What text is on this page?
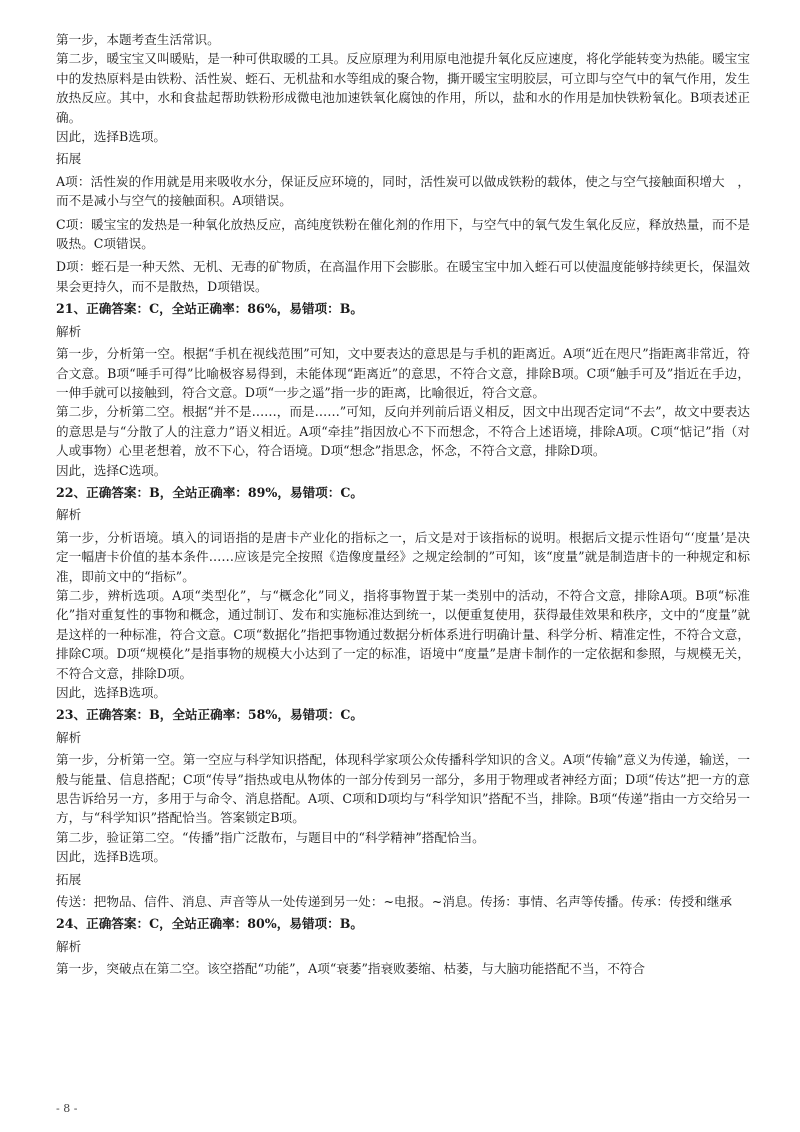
第一步，本题考查生活常识。

第二步，暖宝宝又叫暖贴，是一种可供取暖的工具。反应原理为利用原电池提升氧化反应速度，将化学能转变为热能。暖宝宝中的发热原料是由铁粉、活性炭、蛭石、无机盐和水等组成的聚合物，撕开暖宝宝明胶层，可立即与空气中的氧气作用，发生放热反应。其中，水和食盐起帮助铁粉形成微电池加速铁氧化腐蚀的作用，所以，盐和水的作用是加快铁粉氧化。B项表述正确。

因此，选择B选项。

拓展

A项：活性炭的作用就是用来吸收水分，保证反应环境的，同时，活性炭可以做成铁粉的载体，使之与空气接触面积增大　，而不是减小与空气的接触面积。A项错误。

C项：暖宝宝的发热是一种氧化放热反应，高纯度铁粉在催化剂的作用下，与空气中的氧气发生氧化反应，释放热量，而不是吸热。C项错误。

D项：蛭石是一种天然、无机、无毒的矿物质，在高温作用下会膨胀。在暖宝宝中加入蛭石可以使温度能够持续更长，保温效果会更持久，而不是散热，D项错误。

21、正确答案：C，全站正确率：86%，易错项：B。

解析

第一步，分析第一空。根据“手机在视线范围”可知，文中要表达的意思是与手机的距离近。A项“近在咫尺”指距离非常近，符合文意。B项“唾手可得”比喻极容易得到，未能体现“距离近”的意思，不符合文意，排除B项。C项“触手可及”指近在手边，一伸手就可以接触到，符合文意。D项“一步之遥”指一步的距离，比喻很近，符合文意。

第二步，分析第二空。根据“并不是……，而是……”可知，反向并列前后语义相反，因文中出现否定词“不去”，故文中要表达的意思是与“分散了人的注意力”语义相近。A项“牵挂”指因放心不下而想念，不符合上述语境，排除A项。C项“惦记”指（对人或事物）心里老想着，放不下心，符合语境。D项“想念”指思念，怀念，不符合文意，排除D项。

因此，选择C选项。

22、正确答案：B，全站正确率：89%，易错项：C。

解析

第一步，分析语境。填入的词语指的是唐卡产业化的指标之一，后文是对于该指标的说明。根据后文提示性语句“‘度量’是决定一幅唐卡价值的基本条件……应该是完全按照《造像度量经》之规定绘制的”可知，该“度量”就是制造唐卡的一种规定和标准，即前文中的“指标”。

第二步，辨析选项。A项“类型化”，与“概念化”同义，指将事物置于某一类别中的活动，不符合文意，排除A项。B项“标准化”指对重复性的事物和概念，通过制订、发布和实施标准达到统一，以便重复使用，获得最佳效果和秩序，文中的“度量”就是这样的一种标准，符合文意。C项“数据化”指把事物通过数据分析体系进行明确计量、科学分析、精准定性，不符合文意，排除C项。D项“规模化”是指事物的规模大小达到了一定的标准，语境中“度量”是唐卡制作的一定依据和参照，与规模无关，不符合文意，排除D项。

因此，选择B选项。

23、正确答案：B，全站正确率：58%，易错项：C。

解析

第一步，分析第一空。第一空应与科学知识搭配，体现科学家项公众传播科学知识的含义。A项“传输”意义为传递，输送，一般与能量、信息搭配；C项“传导”指热或电从物体的一部分传到另一部分，多用于物理或者神经方面；D项“传达”把一方的意思告诉给另一方，多用于与命令、消息搭配。A项、C项和D项均与“科学知识”搭配不当，排除。B项“传递”指由一方交给另一方，与“科学知识”搭配恰当。答案锁定B项。

第二步，验证第二空。“传播”指广泛散布，与题目中的“科学精神”搭配恰当。

因此，选择B选项。

拓展

传送：把物品、信件、消息、声音等从一处传递到另一处：~电报。~消息。传扬：事情、名声等传播。传承：传授和继承

24、正确答案：C，全站正确率：80%，易错项：B。

解析

第一步，突破点在第二空。该空搭配“功能”，A项“衰萎”指衰败萎缩、枯萎，与大脑功能搭配不当，不符合

- 8 -
